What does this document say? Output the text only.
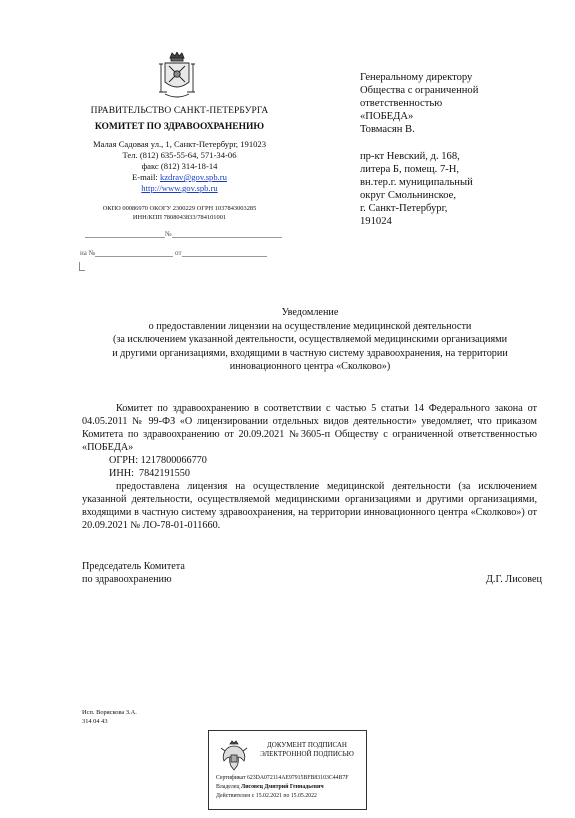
ПРАВИТЕЛЬСТВО САНКТ-ПЕТЕРБУРГА
КОМИТЕТ ПО ЗДРАВООХРАНЕНИЮ
Малая Садовая ул., 1, Санкт-Петербург, 191023
Тел. (812) 635-55-64, 571-34-06
факс (812) 314-18-14
E-mail: kzdrav@gov.spb.ru
http://www.gov.spb.ru
ОКПО 00086970 ОКОГУ 2300229 ОГРН 1037843003285
ИНН/КПП 7808043833/784101001
№
на №	от
Генеральному директору
Общества с ограниченной
ответственностью
«ПОБЕДА»
Товмасян В.
пр-кт Невский, д. 168,
литера Б, помещ. 7-Н,
вн.тер.г. муниципальный
округ Смольнинское,
г. Санкт-Петербург,
191024
Уведомление
о предоставлении лицензии на осуществление медицинской деятельности
(за исключением указанной деятельности, осуществляемой медицинскими организациями
и другими организациями, входящими в частную систему здравоохранения, на территории
инновационного центра «Сколково»)

Комитет по здравоохранению в соответствии с частью 5 статьи 14 Федерального закона от 04.05.2011 № 99-ФЗ «О лицензировании отдельных видов деятельности» уведомляет, что приказом Комитета по здравоохранению от 20.09.2021 №3605-п Обществу с ограниченной ответственностью «ПОБЕДА»

ОГРН: 1217800066770

ИНН:  7842191550

предоставлена лицензия на осуществление медицинской деятельности (за исключением указанной деятельности, осуществляемой медицинскими организациями и другими организациями, входящими в частную систему здравоохранения, на территории инновационного центра «Сколково») от 20.09.2021 № ЛО-78-01-011660.

Председатель Комитета
по здравоохранению	Д.Г. Лисовец
Исп. Воряскова З.А.
314 04 43
ДОКУМЕНТ ПОДПИСАН
ЭЛЕКТРОННОЙ ПОДПИСЬЮ
Сертификат 623DA072114AE97915BFB83103C44B7F
Владелец Лисовец Дмитрий Геннадьевич
Действителен с 15.02.2021 по 15.05.2022
